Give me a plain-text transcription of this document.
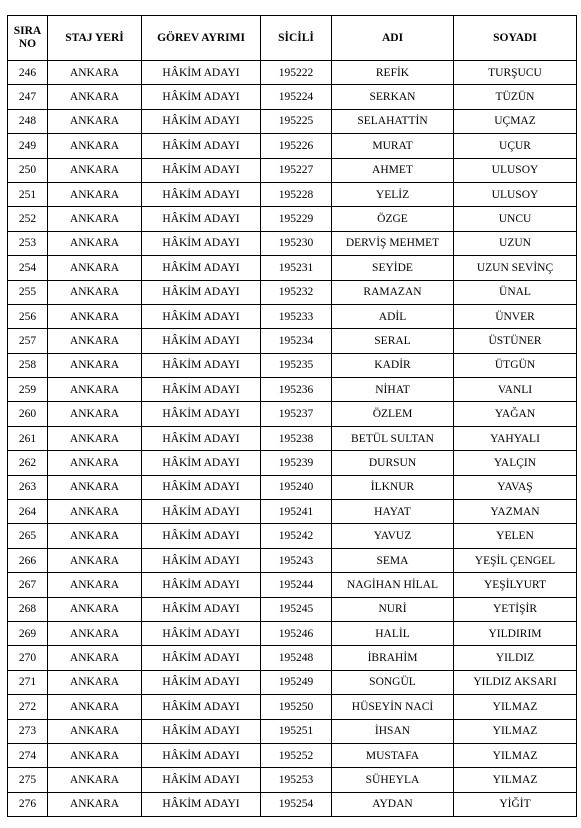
SIRA
NO	STAJ YERİ	GÖREV AYRIMI	SİCİLİ	ADI	SOYADI
246	ANKARA	HÂKİM ADAYI	195222	REFİK	TURŞUCU
247	ANKARA	HÂKİM ADAYI	195224	SERKAN	TÜZÜN
248	ANKARA	HÂKİM ADAYI	195225	SELAHATTİN	UÇMAZ
249	ANKARA	HÂKİM ADAYI	195226	MURAT	UÇUR
250	ANKARA	HÂKİM ADAYI	195227	AHMET	ULUSOY
251	ANKARA	HÂKİM ADAYI	195228	YELİZ	ULUSOY
252	ANKARA	HÂKİM ADAYI	195229	ÖZGE	UNCU
253	ANKARA	HÂKİM ADAYI	195230	DERVİŞ MEHMET	UZUN
254	ANKARA	HÂKİM ADAYI	195231	SEYİDE	UZUN SEVİNÇ
255	ANKARA	HÂKİM ADAYI	195232	RAMAZAN	ÜNAL
256	ANKARA	HÂKİM ADAYI	195233	ADİL	ÜNVER
257	ANKARA	HÂKİM ADAYI	195234	SERAL	ÜSTÜNER
258	ANKARA	HÂKİM ADAYI	195235	KADİR	ÜTGÜN
259	ANKARA	HÂKİM ADAYI	195236	NİHAT	VANLI
260	ANKARA	HÂKİM ADAYI	195237	ÖZLEM	YAĞAN
261	ANKARA	HÂKİM ADAYI	195238	BETÜL SULTAN	YAHYALI
262	ANKARA	HÂKİM ADAYI	195239	DURSUN	YALÇIN
263	ANKARA	HÂKİM ADAYI	195240	İLKNUR	YAVAŞ
264	ANKARA	HÂKİM ADAYI	195241	HAYAT	YAZMAN
265	ANKARA	HÂKİM ADAYI	195242	YAVUZ	YELEN
266	ANKARA	HÂKİM ADAYI	195243	SEMA	YEŞİL ÇENGEL
267	ANKARA	HÂKİM ADAYI	195244	NAGİHAN HİLAL	YEŞİLYURT
268	ANKARA	HÂKİM ADAYI	195245	NURİ	YETİŞİR
269	ANKARA	HÂKİM ADAYI	195246	HALİL	YILDIRIM
270	ANKARA	HÂKİM ADAYI	195248	İBRAHİM	YILDIZ
271	ANKARA	HÂKİM ADAYI	195249	SONGÜL	YILDIZ AKSARI
272	ANKARA	HÂKİM ADAYI	195250	HÜSEYİN NACİ	YILMAZ
273	ANKARA	HÂKİM ADAYI	195251	İHSAN	YILMAZ
274	ANKARA	HÂKİM ADAYI	195252	MUSTAFA	YILMAZ
275	ANKARA	HÂKİM ADAYI	195253	SÜHEYLA	YILMAZ
276	ANKARA	HÂKİM ADAYI	195254	AYDAN	YİĞİT
